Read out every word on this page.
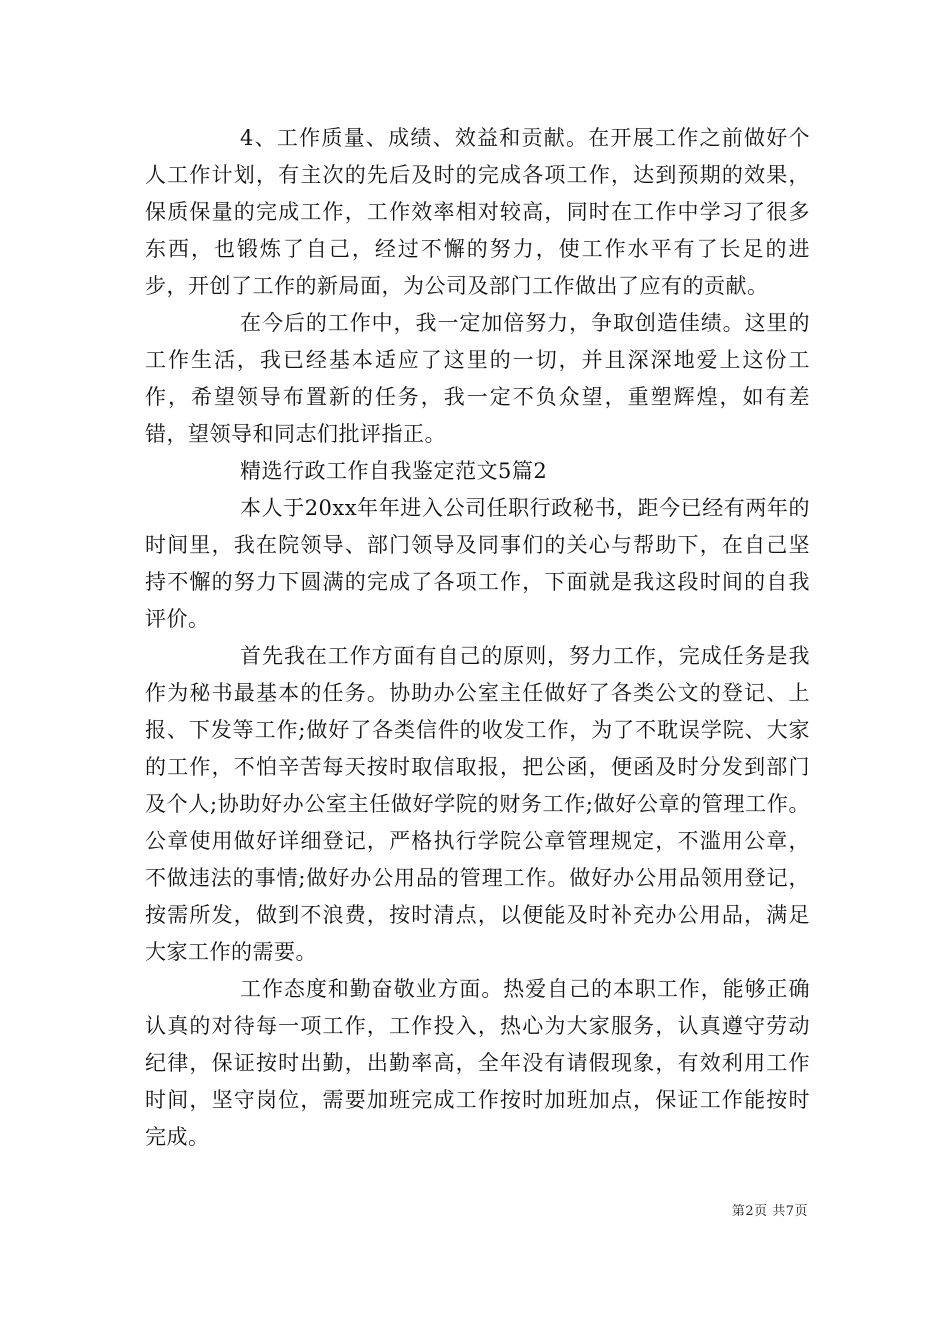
4、工作质量、成绩、效益和贡献。在开展工作之前做好个人工作计划，有主次的先后及时的完成各项工作，达到预期的效果，保质保量的完成工作，工作效率相对较高，同时在工作中学习了很多东西，也锻炼了自己，经过不懈的努力，使工作水平有了长足的进步，开创了工作的新局面，为公司及部门工作做出了应有的贡献。

在今后的工作中，我一定加倍努力，争取创造佳绩。这里的工作生活，我已经基本适应了这里的一切，并且深深地爱上这份工作，希望领导布置新的任务，我一定不负众望，重塑辉煌，如有差错，望领导和同志们批评指正。

精选行政工作自我鉴定范文5篇2

本人于20xx年年进入公司任职行政秘书，距今已经有两年的时间里，我在院领导、部门领导及同事们的关心与帮助下，在自己坚持不懈的努力下圆满的完成了各项工作，下面就是我这段时间的自我评价。

首先我在工作方面有自己的原则，努力工作，完成任务是我作为秘书最基本的任务。协助办公室主任做好了各类公文的登记、上报、下发等工作;做好了各类信件的收发工作，为了不耽误学院、大家的工作，不怕辛苦每天按时取信取报，把公函，便函及时分发到部门及个人;协助好办公室主任做好学院的财务工作;做好公章的管理工作。公章使用做好详细登记，严格执行学院公章管理规定，不滥用公章，不做违法的事情;做好办公用品的管理工作。做好办公用品领用登记，按需所发，做到不浪费，按时清点，以便能及时补充办公用品，满足大家工作的需要。

工作态度和勤奋敬业方面。热爱自己的本职工作，能够正确认真的对待每一项工作，工作投入，热心为大家服务，认真遵守劳动纪律，保证按时出勤，出勤率高，全年没有请假现象，有效利用工作时间，坚守岗位，需要加班完成工作按时加班加点，保证工作能按时完成。

第2页 共7页
